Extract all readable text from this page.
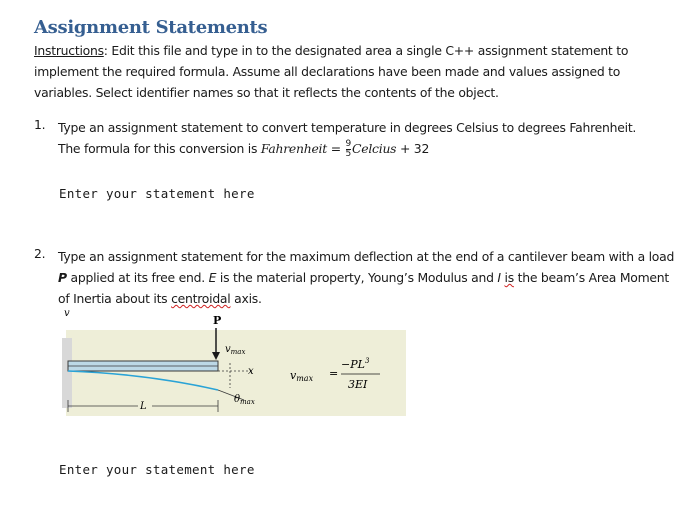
Assignment Statements
Instructions: Edit this file and type in to the designated area a single C++ assignment statement to implement the required formula. Assume all declarations have been made and values assigned to variables. Select identifier names so that it reflects the contents of the object.
1. Type an assignment statement to convert temperature in degrees Celsius to degrees Fahrenheit.
The formula for this conversion is Fahrenheit = $\frac{9}{5}$ Celcius + 32
Enter your statement here
2. Type an assignment statement for the maximum deflection at the end of a cantilever beam with a load P applied at its free end. E is the material property, Young’s Modulus and I is the beam’s Area Moment of Inertia about its centroidal axis.
v
P
x
$v_{max}$
$\theta_{max}$
L
vmax =
$-PL^3$
3EI
Enter your statement here
